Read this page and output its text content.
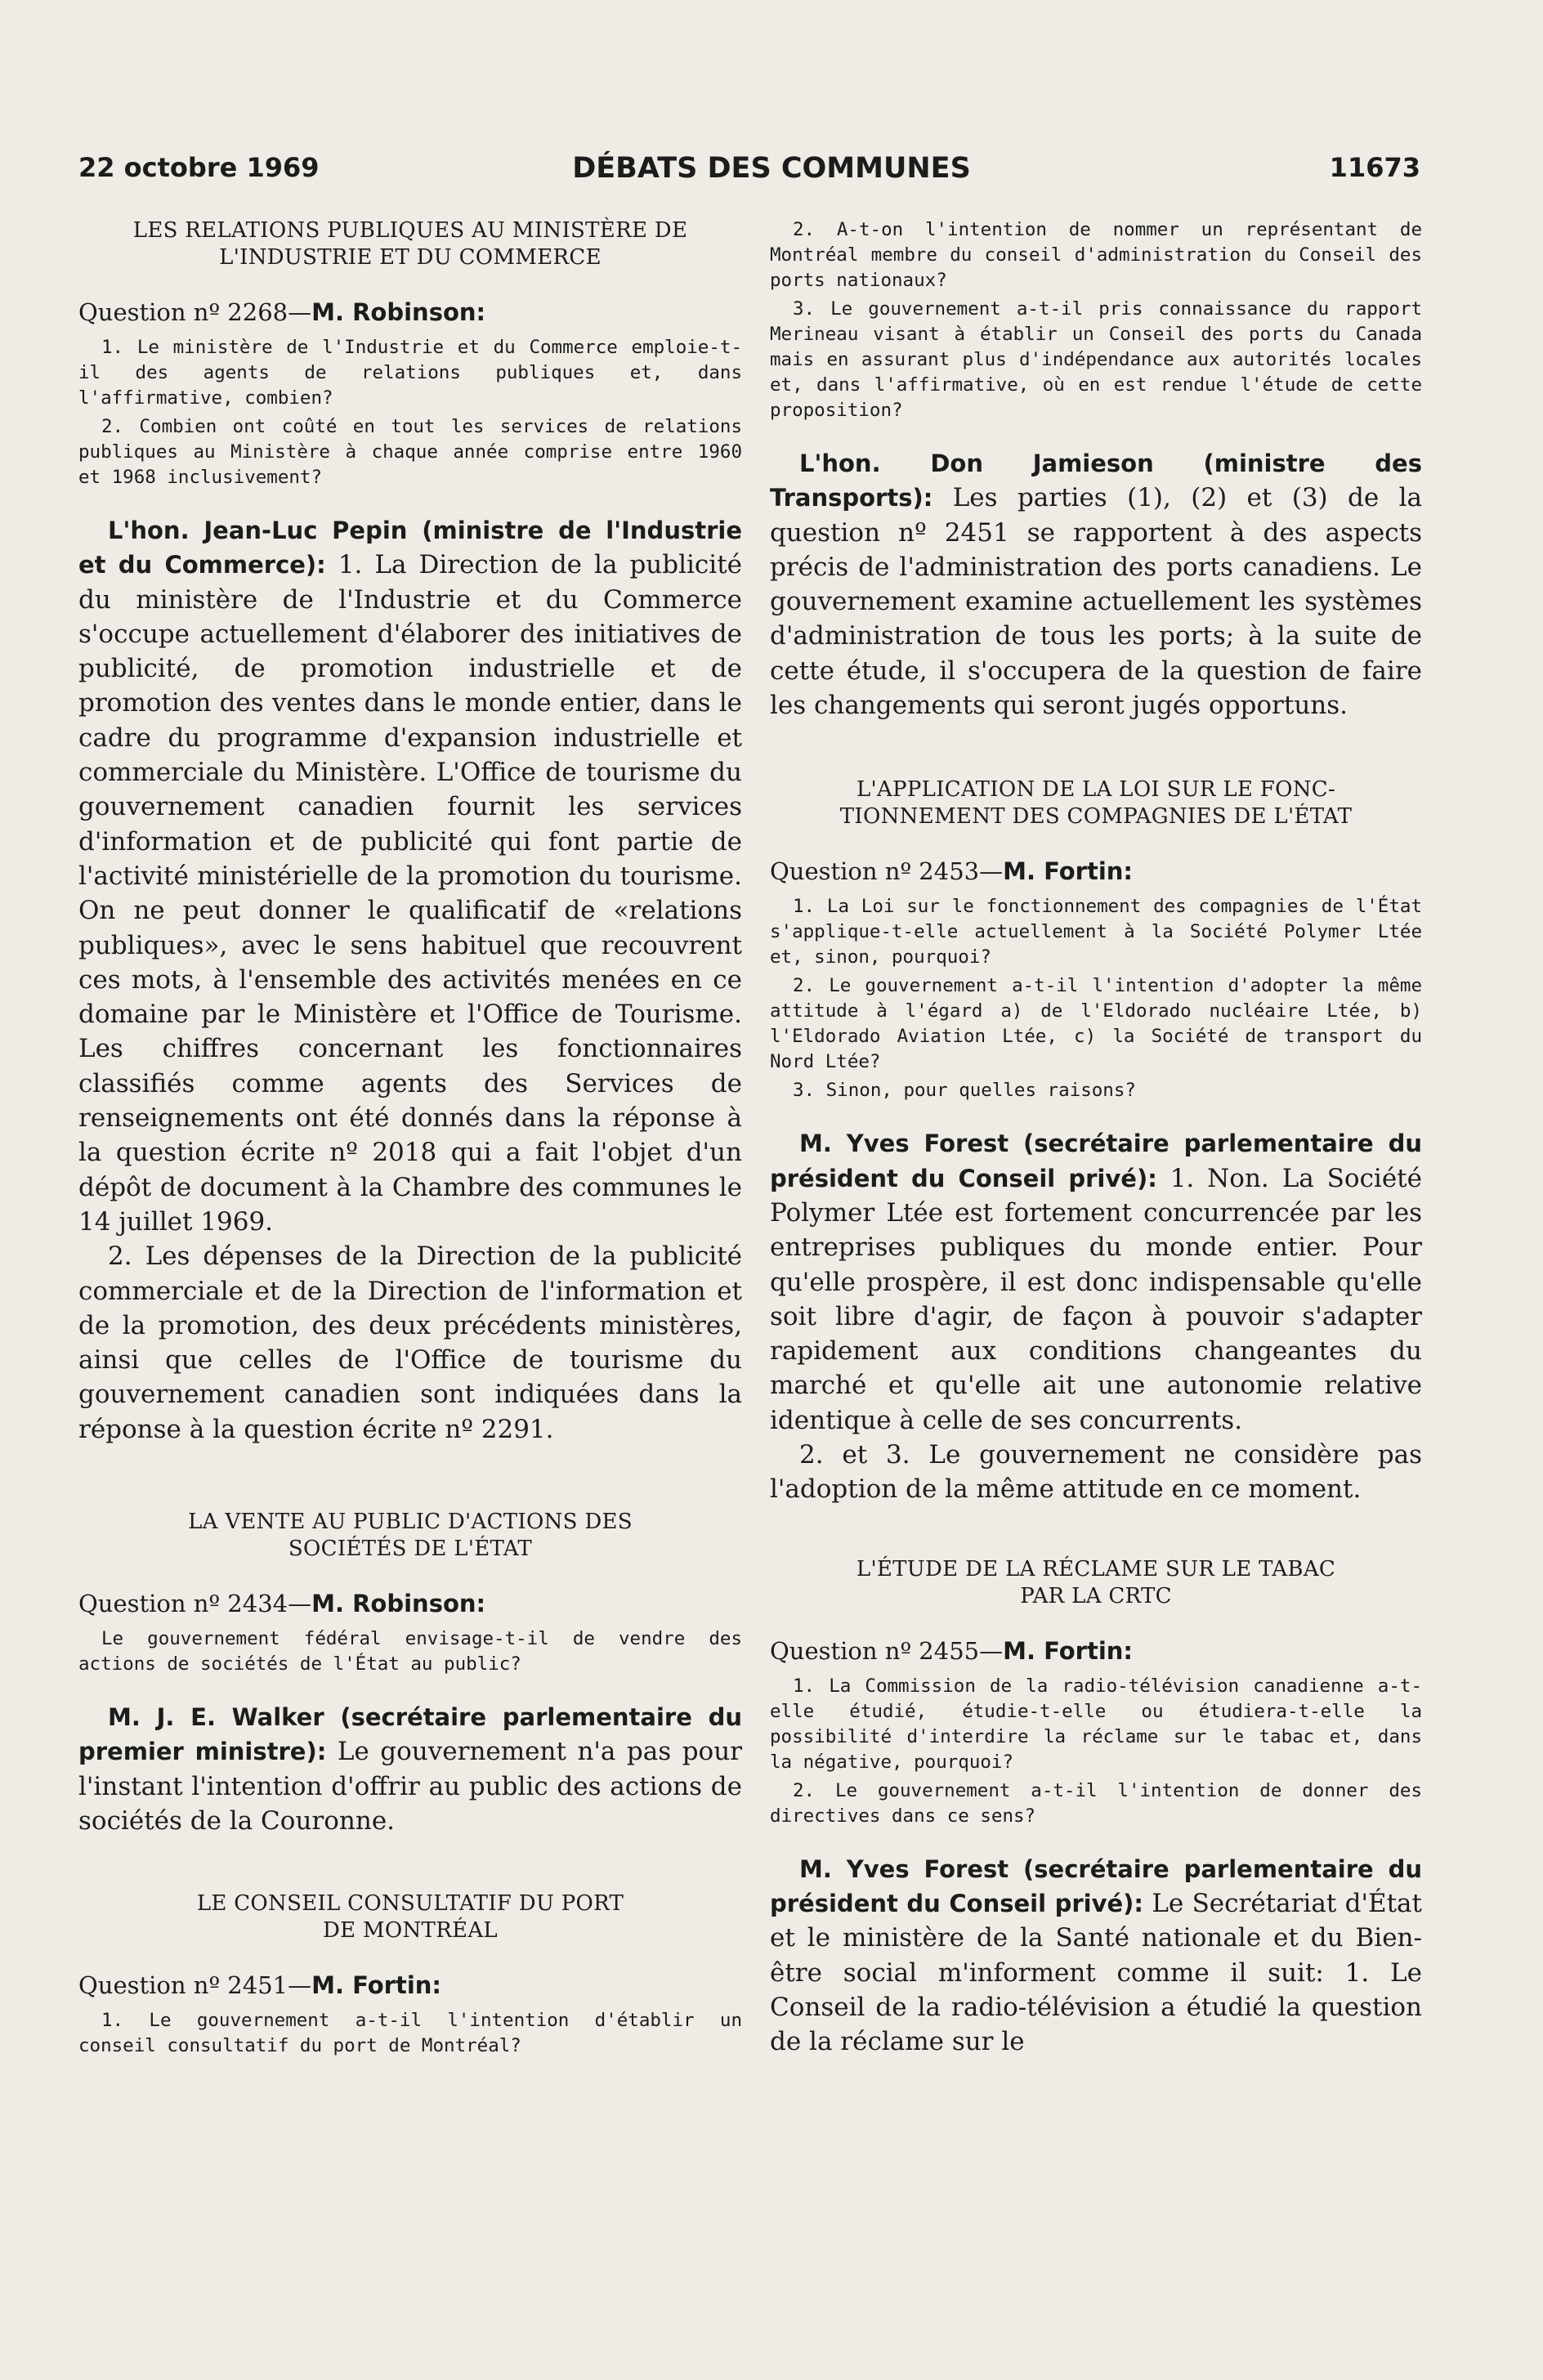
22 octobre 1969	DÉBATS DES COMMUNES	11673
LES RELATIONS PUBLIQUES AU MINISTÈRE DE
L'INDUSTRIE ET DU COMMERCE
Question nº 2268—M. Robinson:

1. Le ministère de l'Industrie et du Commerce emploie-t-il des agents de relations publiques et, dans l'affirmative, combien?

2. Combien ont coûté en tout les services de relations publiques au Ministère à chaque année comprise entre 1960 et 1968 inclusivement?

L'hon. Jean-Luc Pepin (ministre de l'Industrie et du Commerce): 1. La Direction de la publicité du ministère de l'Industrie et du Commerce s'occupe actuellement d'élaborer des initiatives de publicité, de promotion industrielle et de promotion des ventes dans le monde entier, dans le cadre du programme d'expansion industrielle et commerciale du Ministère. L'Office de tourisme du gouvernement canadien fournit les services d'information et de publicité qui font partie de l'activité ministérielle de la promotion du tourisme. On ne peut donner le qualificatif de «relations publiques», avec le sens habituel que recouvrent ces mots, à l'ensemble des activités menées en ce domaine par le Ministère et l'Office de Tourisme. Les chiffres concernant les fonctionnaires classifiés comme agents des Services de renseignements ont été donnés dans la réponse à la question écrite nº 2018 qui a fait l'objet d'un dépôt de document à la Chambre des communes le 14 juillet 1969.

2. Les dépenses de la Direction de la publicité commerciale et de la Direction de l'information et de la promotion, des deux précédents ministères, ainsi que celles de l'Office de tourisme du gouvernement canadien sont indiquées dans la réponse à la question écrite nº 2291.

LA VENTE AU PUBLIC D'ACTIONS DES
SOCIÉTÉS DE L'ÉTAT
Question nº 2434—M. Robinson:

Le gouvernement fédéral envisage-t-il de vendre des actions de sociétés de l'État au public?

M. J. E. Walker (secrétaire parlementaire du premier ministre): Le gouvernement n'a pas pour l'instant l'intention d'offrir au public des actions de sociétés de la Couronne.

LE CONSEIL CONSULTATIF DU PORT
DE MONTRÉAL
Question nº 2451—M. Fortin:

1. Le gouvernement a-t-il l'intention d'établir un conseil consultatif du port de Montréal?

2. A-t-on l'intention de nommer un représentant de Montréal membre du conseil d'administration du Conseil des ports nationaux?

3. Le gouvernement a-t-il pris connaissance du rapport Merineau visant à établir un Conseil des ports du Canada mais en assurant plus d'indépendance aux autorités locales et, dans l'affirmative, où en est rendue l'étude de cette proposition?

L'hon. Don Jamieson (ministre des Transports): Les parties (1), (2) et (3) de la question nº 2451 se rapportent à des aspects précis de l'administration des ports canadiens. Le gouvernement examine actuellement les systèmes d'administration de tous les ports; à la suite de cette étude, il s'occupera de la question de faire les changements qui seront jugés opportuns.

L'APPLICATION DE LA LOI SUR LE FONC-
TIONNEMENT DES COMPAGNIES DE L'ÉTAT
Question nº 2453—M. Fortin:

1. La Loi sur le fonctionnement des compagnies de l'État s'applique-t-elle actuellement à la Société Polymer Ltée et, sinon, pourquoi?

2. Le gouvernement a-t-il l'intention d'adopter la même attitude à l'égard a) de l'Eldorado nucléaire Ltée, b) l'Eldorado Aviation Ltée, c) la Société de transport du Nord Ltée?

3. Sinon, pour quelles raisons?

M. Yves Forest (secrétaire parlementaire du président du Conseil privé): 1. Non. La Société Polymer Ltée est fortement concurrencée par les entreprises publiques du monde entier. Pour qu'elle prospère, il est donc indispensable qu'elle soit libre d'agir, de façon à pouvoir s'adapter rapidement aux conditions changeantes du marché et qu'elle ait une autonomie relative identique à celle de ses concurrents.

2. et 3. Le gouvernement ne considère pas l'adoption de la même attitude en ce moment.

L'ÉTUDE DE LA RÉCLAME SUR LE TABAC
PAR LA CRTC
Question nº 2455—M. Fortin:

1. La Commission de la radio-télévision canadienne a-t-elle étudié, étudie-t-elle ou étudiera-t-elle la possibilité d'interdire la réclame sur le tabac et, dans la négative, pourquoi?

2. Le gouvernement a-t-il l'intention de donner des directives dans ce sens?

M. Yves Forest (secrétaire parlementaire du président du Conseil privé): Le Secrétariat d'État et le ministère de la Santé nationale et du Bien-être social m'informent comme il suit: 1. Le Conseil de la radio-télévision a étudié la question de la réclame sur le
